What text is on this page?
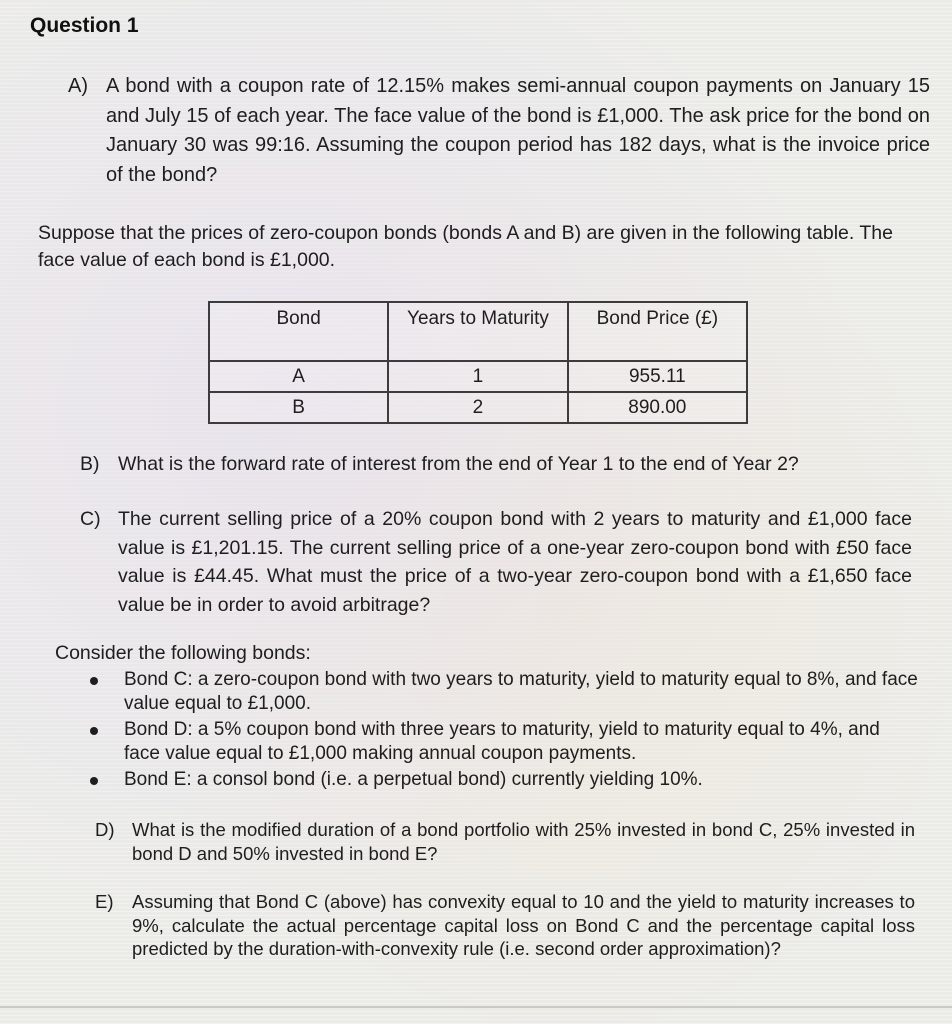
Question 1
A) A bond with a coupon rate of 12.15% makes semi-annual coupon payments on January 15 and July 15 of each year. The face value of the bond is £1,000. The ask price for the bond on January 30 was 99:16. Assuming the coupon period has 182 days, what is the invoice price of the bond?

Suppose that the prices of zero-coupon bonds (bonds A and B) are given in the following table. The face value of each bond is £1,000.

Bond	Years to Maturity	Bond Price (£)
A	1	955.11
B	2	890.00
B) What is the forward rate of interest from the end of Year 1 to the end of Year 2?
C) The current selling price of a 20% coupon bond with 2 years to maturity and £1,000 face value is £1,201.15. The current selling price of a one-year zero-coupon bond with £50 face value is £44.45. What must the price of a two-year zero-coupon bond with a £1,650 face value be in order to avoid arbitrage?

Consider the following bonds:

Bond C: a zero-coupon bond with two years to maturity, yield to maturity equal to 8%, and face value equal to £1,000.
Bond D: a 5% coupon bond with three years to maturity, yield to maturity equal to 4%, and face value equal to £1,000 making annual coupon payments.
Bond E: a consol bond (i.e. a perpetual bond) currently yielding 10%.
D) What is the modified duration of a bond portfolio with 25% invested in bond C, 25% invested in bond D and 50% invested in bond E?
E)	Assuming that Bond C (above) has convexity equal to 10 and the yield to maturity increases to 9%, calculate the actual percentage capital loss on Bond C and the percentage capital loss predicted by the duration-with-convexity rule (i.e. second order approximation)?
